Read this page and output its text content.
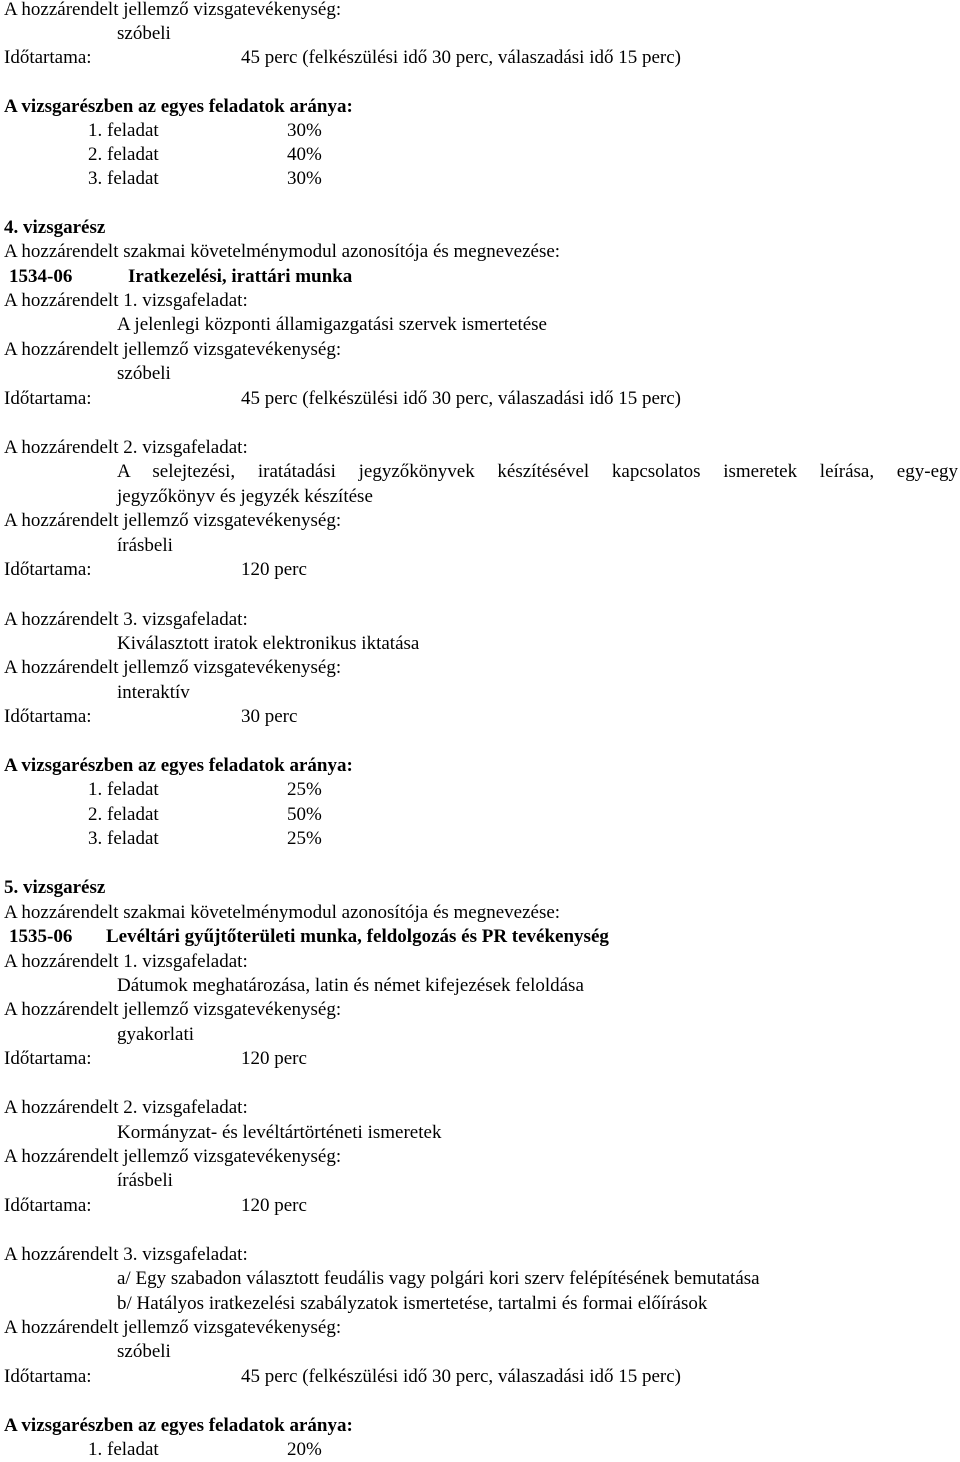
A hozzárendelt jellemző vizsgatevékenység:
szóbeli
Időtartama:	45 perc (felkészülési idő 30 perc, válaszadási idő 15 perc)
A vizsgarészben az egyes feladatok aránya:
1. feladat	30%
2. feladat	40%
3. feladat	30%
4. vizsgarész
A hozzárendelt szakmai követelménymodul azonosítója és megnevezése:
1534-06	Iratkezelési, irattári munka
A hozzárendelt 1. vizsgafeladat:
A jelenlegi központi államigazgatási szervek ismertetése
A hozzárendelt jellemző vizsgatevékenység:
szóbeli
Időtartama:	45 perc (felkészülési idő 30 perc, válaszadási idő 15 perc)
A hozzárendelt 2. vizsgafeladat:
A selejtezési, iratátadási jegyzőkönyvek készítésével kapcsolatos ismeretek leírása, egy-egy
jegyzőkönyv és jegyzék készítése
A hozzárendelt jellemző vizsgatevékenység:
írásbeli
Időtartama:	120 perc
A hozzárendelt 3. vizsgafeladat:
Kiválasztott iratok elektronikus iktatása
A hozzárendelt jellemző vizsgatevékenység:
interaktív
Időtartama:	30 perc
A vizsgarészben az egyes feladatok aránya:
1. feladat	25%
2. feladat	50%
3. feladat	25%
5. vizsgarész
A hozzárendelt szakmai követelménymodul azonosítója és megnevezése:
1535-06 Levéltári gyűjtőterületi munka, feldolgozás és PR tevékenység
A hozzárendelt 1. vizsgafeladat:
Dátumok meghatározása, latin és német kifejezések feloldása
A hozzárendelt jellemző vizsgatevékenység:
gyakorlati
Időtartama:	120 perc
A hozzárendelt 2. vizsgafeladat:
Kormányzat- és levéltártörténeti ismeretek
A hozzárendelt jellemző vizsgatevékenység:
írásbeli
Időtartama:	120 perc
A hozzárendelt 3. vizsgafeladat:
a/ Egy szabadon választott feudális vagy polgári kori szerv felépítésének bemutatása
b/ Hatályos iratkezelési szabályzatok ismertetése, tartalmi és formai előírások
A hozzárendelt jellemző vizsgatevékenység:
szóbeli
Időtartama:	45 perc (felkészülési idő 30 perc, válaszadási idő 15 perc)
A vizsgarészben az egyes feladatok aránya:
1. feladat	20%
